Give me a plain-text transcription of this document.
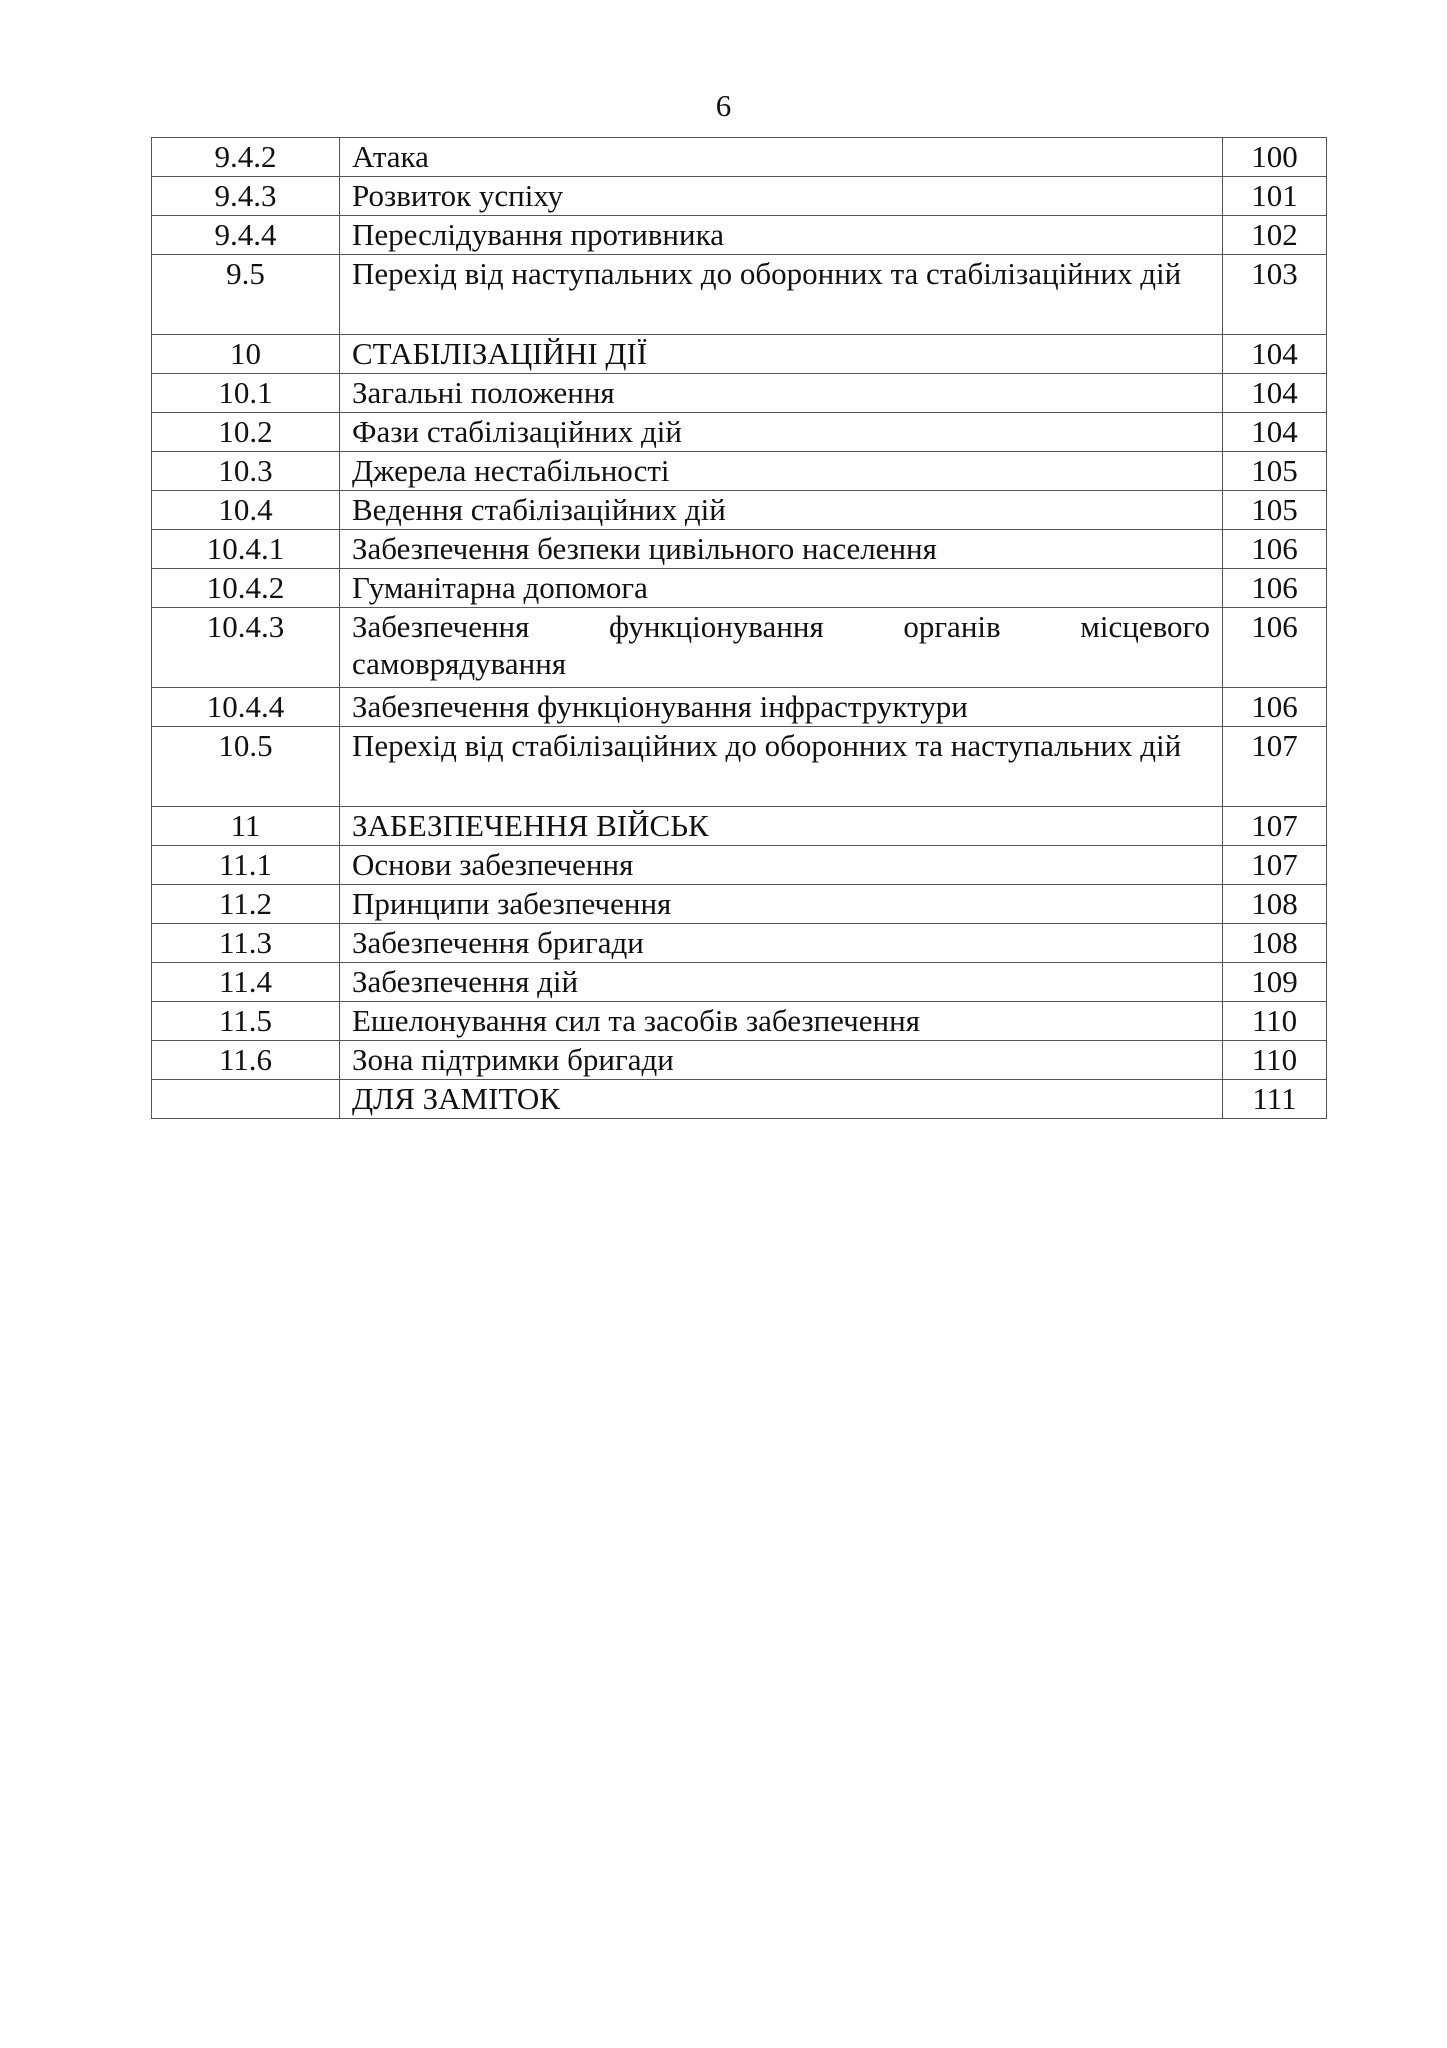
6
9.4.2	Атака	100
9.4.3	Розвиток успіху	101
9.4.4	Переслідування противника	102
9.5	Перехід від наступальних до оборонних та стабілізаційних дій	103
10	СТАБІЛІЗАЦІЙНІ ДІЇ	104
10.1	Загальні положення	104
10.2	Фази стабілізаційних дій	104
10.3	Джерела нестабільності	105
10.4	Ведення стабілізаційних дій	105
10.4.1	Забезпечення безпеки цивільного населення	106
10.4.2	Гуманітарна допомога	106
10.4.3	Забезпечення функціонування органів місцевого самоврядування	106
10.4.4	Забезпечення функціонування інфраструктури	106
10.5	Перехід від стабілізаційних до оборонних та наступальних дій	107
11	ЗАБЕЗПЕЧЕННЯ ВІЙСЬК	107
11.1	Основи забезпечення	107
11.2	Принципи забезпечення	108
11.3	Забезпечення бригади	108
11.4	Забезпечення дій	109
11.5	Ешелонування сил та засобів забезпечення	110
11.6	Зона підтримки бригади	110
	ДЛЯ ЗАМІТОК	111
